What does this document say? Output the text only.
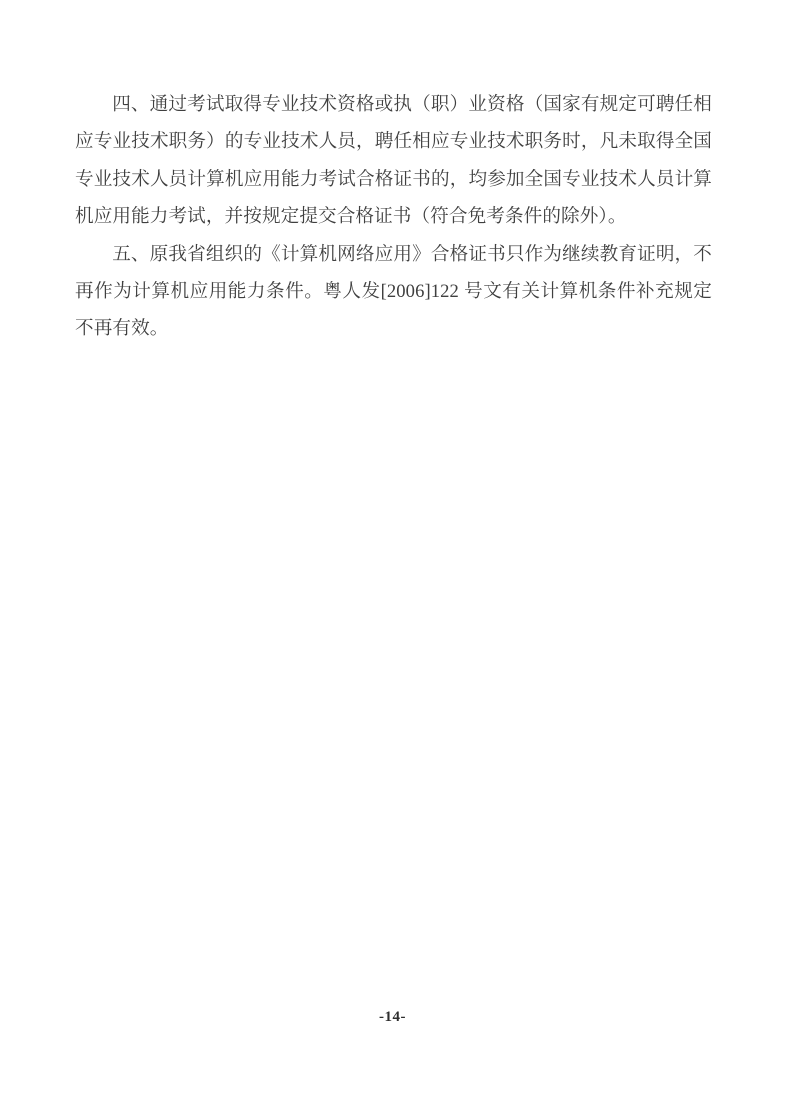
四、通过考试取得专业技术资格或执（职）业资格（国家有规定可聘任相应专业技术职务）的专业技术人员，聘任相应专业技术职务时，凡未取得全国专业技术人员计算机应用能力考试合格证书的，均参加全国专业技术人员计算机应用能力考试，并按规定提交合格证书（符合免考条件的除外）。

五、原我省组织的《计算机网络应用》合格证书只作为继续教育证明，不再作为计算机应用能力条件。粤人发[2006]122 号文有关计算机条件补充规定不再有效。

-14-
